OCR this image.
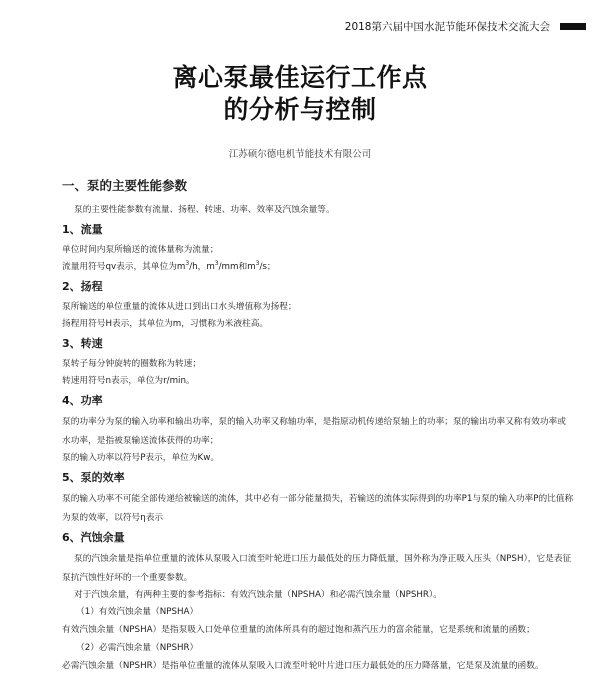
2018第六届中国水泥节能环保技术交流大会
离心泵最佳运行工作点
的分析与控制
江苏硕尔德电机节能技术有限公司
一、泵的主要性能参数

泵的主要性能参数有流量、扬程、转速、功率、效率及汽蚀余量等。

1、流量

单位时间内泵所输送的流体量称为流量；

流量用符号qv表示，其单位为$m^3/h$，$m^3/mm$和$m^3/s$；

2、扬程

泵所输送的单位重量的流体从进口到出口水头增值称为扬程；

扬程用符号H表示，其单位为m，习惯称为米液柱高。

3、转速

泵转子每分钟旋转的圈数称为转速；

转速用符号n表示，单位为r/min。

4、功率

泵的功率分为泵的输入功率和输出功率，泵的输入功率又称轴功率，是指原动机传递给泵轴上的功率；泵的输出功率又称有效功率或水功率，是指被泵输送流体获得的功率；

泵的输入功率以符号P表示，单位为Kw。

5、泵的效率

泵的输入功率不可能全部传递给被输送的流体，其中必有一部分能量损失，若输送的流体实际得到的功率P1与泵的输入功率P的比值称为泵的效率，以符号η表示

6、汽蚀余量

泵的汽蚀余量是指单位重量的流体从泵吸入口流至叶轮进口压力最低处的压力降低量，国外称为净正吸入压头（NPSH），它是表征泵抗汽蚀性好坏的一个重要参数。

对于汽蚀余量，有两种主要的参考指标：有效汽蚀余量（NPSHA）和必需汽蚀余量（NPSHR）。

（1）有效汽蚀余量（NPSHA）

有效汽蚀余量（NPSHA）是指泵吸入口处单位重量的流体所具有的超过饱和蒸汽压力的富余能量，它是系统和流量的函数；

（2）必需汽蚀余量（NPSHR）

必需汽蚀余量（NPSHR）是指单位重量的流体从泵吸入口流至叶轮叶片进口压力最低处的压力降落量，它是泵及流量的函数。
